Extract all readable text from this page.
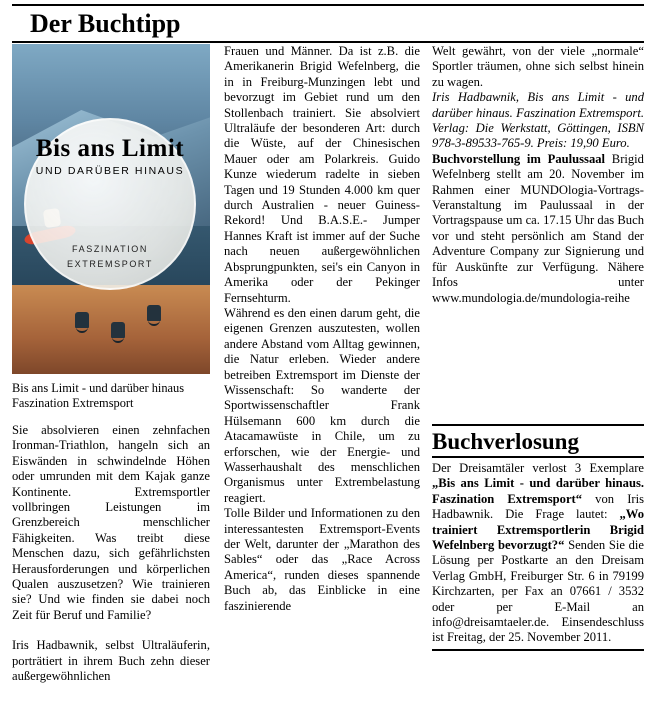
Der Buchtipp
Bis ans Limit
UND DARÜBER HINAUS
FASZINATION EXTREMSPORT
Bis ans Limit - und darüber hinaus Faszination Extremsport

Sie absolvieren einen zehnfachen Ironman-Triathlon, hangeln sich an Eiswänden in schwindelnde Höhen oder umrunden mit dem Kajak ganze Kontinente. Extremsportler vollbringen Leistungen im Grenzbereich menschlicher Fähigkeiten. Was treibt diese Menschen dazu, sich gefährlichsten Herausforderungen und körperlichen Qualen auszusetzen? Wie trainieren sie? Und wie finden sie dabei noch Zeit für Beruf und Familie?

Iris Hadbawnik, selbst Ultraläuferin, porträtiert in ihrem Buch zehn dieser außergewöhnlichen

Frauen und Männer. Da ist z.B. die Amerikanerin Brigid Wefelnberg, die in in Freiburg-Munzingen lebt und bevorzugt im Gebiet rund um den Stollenbach trainiert. Sie absolviert Ultraläufe der besonderen Art: durch die Wüste, auf der Chinesischen Mauer oder am Polarkreis. Guido Kunze wiederum radelte in sieben Tagen und 19 Stunden 4.000 km quer durch Australien - neuer Guiness-Rekord! Und B.A.S.E.- Jumper Hannes Kraft ist immer auf der Suche nach neuen außergewöhnlichen Absprungpunkten, sei's ein Canyon in Amerika oder der Pekinger Fernsehturm.

Während es den einen darum geht, die eigenen Grenzen auszutesten, wollen andere Abstand vom Alltag gewinnen, die Natur erleben. Wieder andere betreiben Extremsport im Dienste der Wissenschaft: So wanderte der Sportwissenschaftler Frank Hülsemann 600 km durch die Atacamawüste in Chile, um zu erforschen, wie der Energie- und Wasserhaushalt des menschlichen Organismus unter Extrembelastung reagiert.

Tolle Bilder und Informationen zu den interessantesten Extremsport-Events der Welt, darunter der „Marathon des Sables“ oder das „Race Across America“, runden dieses spannende Buch ab, das Einblicke in eine faszinierende

Welt gewährt, von der viele „normale“ Sportler träumen, ohne sich selbst hinein zu wagen.

Iris Hadbawnik, Bis ans Limit - und darüber hinaus. Faszination Extremsport. Verlag: Die Werkstatt, Göttingen, ISBN 978-3-89533-765-9. Preis: 19,90 Euro.

Buchvorstellung im Paulussaal Brigid Wefelnberg stellt am 20. November im Rahmen einer MUNDOlogia-Vortrags-Veranstaltung im Paulussaal in der Vortragspause um ca. 17.15 Uhr das Buch vor und steht persönlich am Stand der Adventure Company zur Signierung und für Auskünfte zur Verfügung. Nähere Infos unter www.mundologia.de/mundologia-reihe

Buchverlosung
Der Dreisamtäler verlost 3 Exemplare „Bis ans Limit - und darüber hinaus. Faszination Extremsport“ von Iris Hadbawnik. Die Frage lautet: „Wo trainiert Extremsportlerin Brigid Wefelnberg bevorzugt?“ Senden Sie die Lösung per Postkarte an den Dreisam Verlag GmbH, Freiburger Str. 6 in 79199 Kirchzarten, per Fax an 07661 / 3532 oder per E-Mail an info@dreisamtaeler.de. Einsendeschluss ist Freitag, der 25. November 2011.
